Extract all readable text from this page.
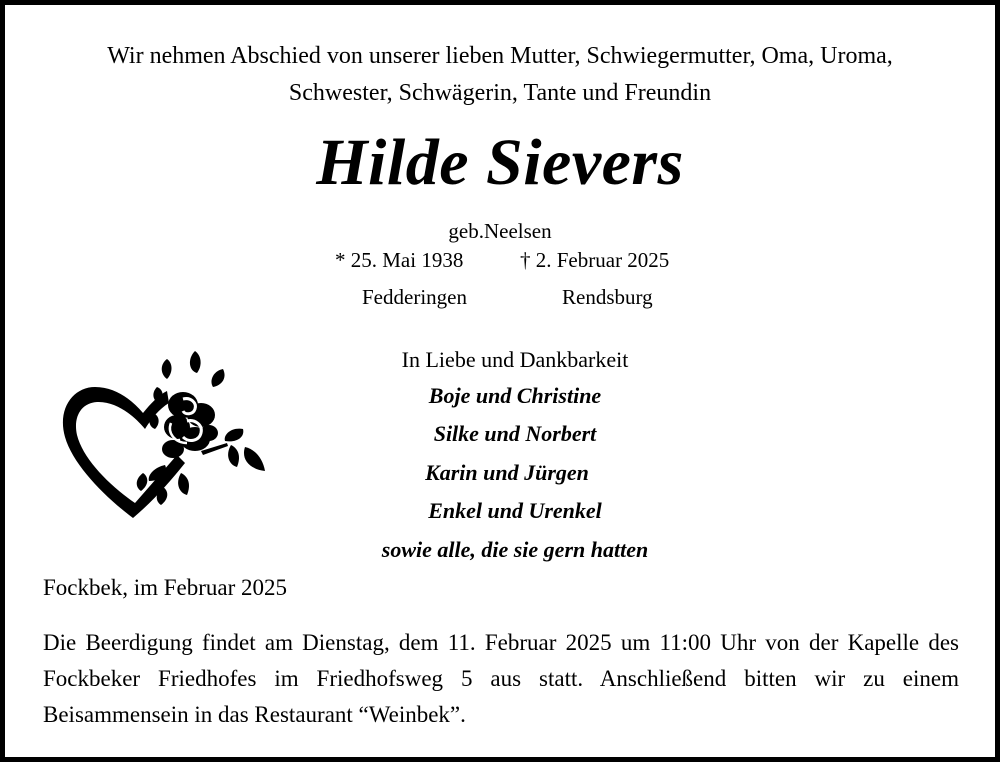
Wir nehmen Abschied von unserer lieben Mutter, Schwiegermutter, Oma, Uroma,
Schwester, Schwägerin, Tante und Freundin
Hilde Sievers
geb.Neelsen
* 25. Mai 1938	† 2. Februar 2025
Fedderingen	Rendsburg
In Liebe und Dankbarkeit
Boje und Christine
Silke und Norbert
Karin und Jürgen
Enkel und Urenkel
sowie alle, die sie gern hatten
Fockbek, im Februar 2025

Die Beerdigung findet am Dienstag, dem 11. Februar 2025 um 11:00 Uhr von der Kapelle des Fockbeker Friedhofes im Friedhofsweg 5 aus statt. Anschließend bitten wir zu einem Beisammensein in das Restaurant “Weinbek”.
